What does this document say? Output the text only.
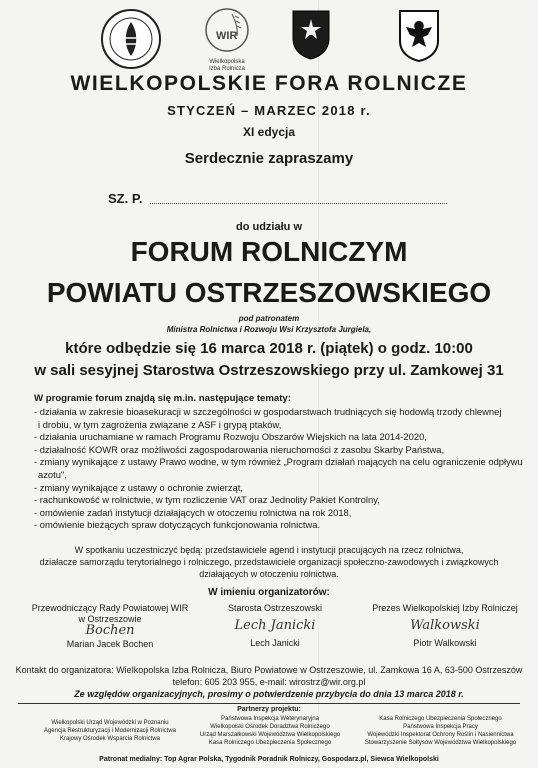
WIR
Wielkopolska Izba Rolnicza
WIELKOPOLSKIE FORA ROLNICZE
STYCZEŃ – MARZEC 2018 r.
XI edycja
Serdecznie zapraszamy
SZ. P.
do udziału w
FORUM ROLNICZYM
POWIATU OSTRZESZOWSKIEGO
pod patronatem
Ministra Rolnictwa i Rozwoju Wsi Krzysztofa Jurgiela,
które odbędzie się 16 marca 2018 r. (piątek) o godz. 10:00
w sali sesyjnej Starostwa Ostrzeszowskiego przy ul. Zamkowej 31
W programie forum znajdą się m.in. następujące tematy:
- działania w zakresie bioasekuracji w szczególności w gospodarstwach trudniących się hodowlą trzody chlewnej
i drobiu, w tym zagrożenia związane z ASF i grypą ptaków,
- działania uruchamiane w ramach Programu Rozwoju Obszarów Wiejskich na lata 2014-2020,
- działalność KOWR oraz możliwości zagospodarowania nieruchomości z zasobu Skarby Państwa,
- zmiany wynikające z ustawy Prawo wodne, w tym również „Program działań mających na celu ograniczenie odpływu
azotu",
- zmiany wynikające z ustawy o ochronie zwierząt,
- rachunkowość w rolnictwie, w tym rozliczenie VAT oraz Jednolity Pakiet Kontrolny,
- omówienie zadań instytucji działających w otoczeniu rolnictwa na rok 2018,
- omówienie bieżących spraw dotyczących funkcjonowania rolnictwa.
W spotkaniu uczestniczyć będą: przedstawiciele agend i instytucji pracujących na rzecz rolnictwa,
działacze samorządu terytorialnego i rolniczego, przedstawiciele organizacji społeczno-zawodowych i związkowych
działających w otoczeniu rolnictwa.
W imieniu organizatorów:
Przewodniczący Rady Powiatowej WIR
w Ostrzeszowie
Bochen
Marian Jacek Bochen
Starosta Ostrzeszowski
Lech Janicki
Lech Janicki
Prezes Wielkopolskiej Izby Rolniczej
Walkowski
Piotr Walkowski
Kontakt do organizatora: Wielkopolska Izba Rolnicza, Biuro Powiatowe w Ostrzeszowie, ul. Zamkowa 16 A, 63-500 Ostrzeszów
telefon: 605 203 955, e-mail: wirostrz@wir.org.pl
Ze względów organizacyjnych, prosimy o potwierdzenie przybycia do dnia 13 marca 2018 r.
Partnerzy projektu:
Wielkopolski Urząd Wojewódzki w Poznaniu
Agencja Restrukturyzacji i Modernizacji Rolnictwa
Krajowy Ośrodek Wsparcia Rolnictwa
Państwowa Inspekcja Weterynaryjna
Wielkopolski Ośrodek Doradztwa Rolniczego
Urząd Marszałkowski Województwa Wielkopolskiego
Kasa Rolniczego Ubezpieczenia Społecznego
Kasa Rolniczego Ubezpieczenia Społecznego
Państwowa Inspekcja Pracy
Wojewódzki Inspektorat Ochrony Roślin i Nasiennictwa
Stowarzyszenie Sołtysów Województwa Wielkopolskiego
Patronat medialny: Top Agrar Polska, Tygodnik Poradnik Rolniczy, Gospodarz.pl, Siewca Wielkopolski
